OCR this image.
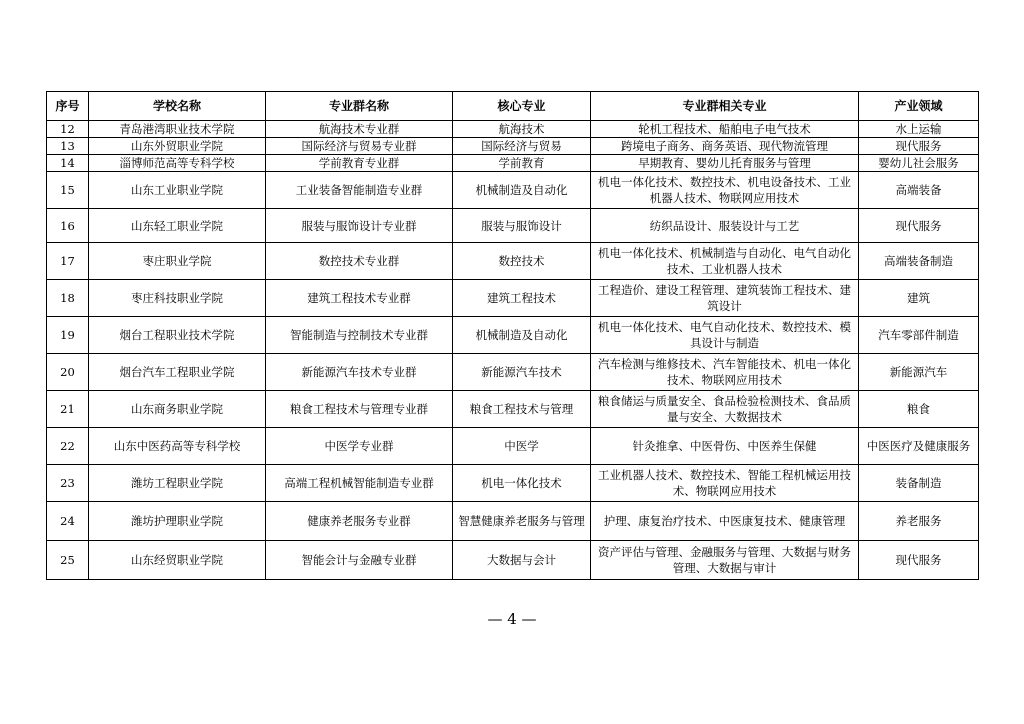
序号	学校名称	专业群名称	核心专业	专业群相关专业	产业领域
12	青岛港湾职业技术学院	航海技术专业群	航海技术	轮机工程技术、船舶电子电气技术	水上运输
13	山东外贸职业学院	国际经济与贸易专业群	国际经济与贸易	跨境电子商务、商务英语、现代物流管理	现代服务
14	淄博师范高等专科学校	学前教育专业群	学前教育	早期教育、婴幼儿托育服务与管理	婴幼儿社会服务
15	山东工业职业学院	工业装备智能制造专业群	机械制造及自动化	机电一体化技术、数控技术、机电设备技术、工业机器人技术、物联网应用技术	高端装备
16	山东轻工职业学院	服装与服饰设计专业群	服装与服饰设计	纺织品设计、服装设计与工艺	现代服务
17	枣庄职业学院	数控技术专业群	数控技术	机电一体化技术、机械制造与自动化、电气自动化技术、工业机器人技术	高端装备制造
18	枣庄科技职业学院	建筑工程技术专业群	建筑工程技术	工程造价、建设工程管理、建筑装饰工程技术、建筑设计	建筑
19	烟台工程职业技术学院	智能制造与控制技术专业群	机械制造及自动化	机电一体化技术、电气自动化技术、数控技术、模具设计与制造	汽车零部件制造
20	烟台汽车工程职业学院	新能源汽车技术专业群	新能源汽车技术	汽车检测与维修技术、汽车智能技术、机电一体化技术、物联网应用技术	新能源汽车
21	山东商务职业学院	粮食工程技术与管理专业群	粮食工程技术与管理	粮食储运与质量安全、食品检验检测技术、食品质量与安全、大数据技术	粮食
22	山东中医药高等专科学校	中医学专业群	中医学	针灸推拿、中医骨伤、中医养生保健	中医医疗及健康服务
23	潍坊工程职业学院	高端工程机械智能制造专业群	机电一体化技术	工业机器人技术、数控技术、智能工程机械运用技术、物联网应用技术	装备制造
24	潍坊护理职业学院	健康养老服务专业群	智慧健康养老服务与管理	护理、康复治疗技术、中医康复技术、健康管理	养老服务
25	山东经贸职业学院	智能会计与金融专业群	大数据与会计	资产评估与管理、金融服务与管理、大数据与财务管理、大数据与审计	现代服务
— 4 —
